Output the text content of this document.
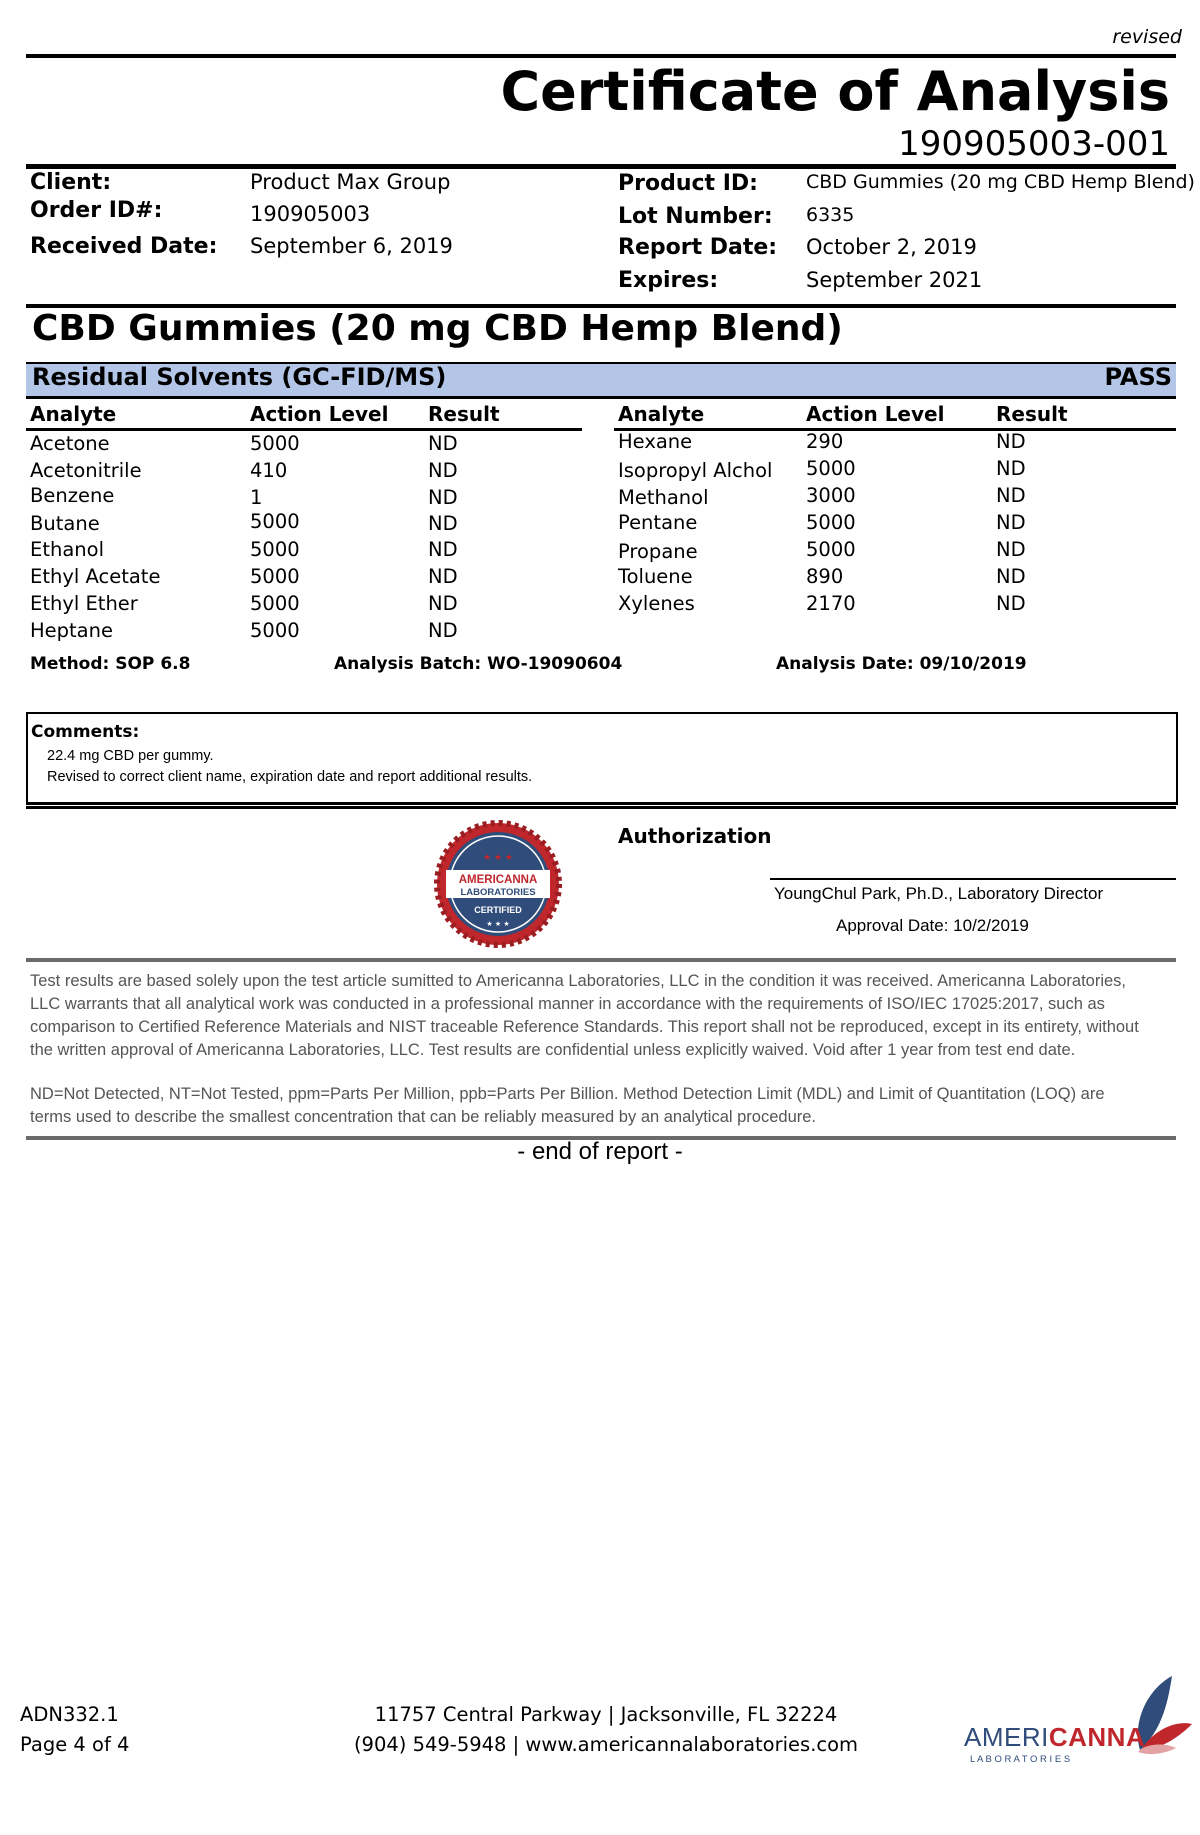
revised
Certificate of Analysis
190905003-001
Client:	Product Max Group
Order ID#:	190905003
Received Date: September 6, 2019
Product ID:	CBD Gummies (20 mg CBD Hemp Blend)
Lot Number: 6335
Report Date: October 2, 2019
Expires:	September 2021
CBD Gummies (20 mg CBD Hemp Blend)
Residual Solvents (GC-FID/MS)	PASS
Analyte	Action Level Result	Analyte	Action Level	Result
Acetone	5000	ND
Acetonitrile	410	ND
Benzene	1	ND
Butane	5000	ND
Ethanol	5000	ND
Ethyl Acetate	5000	ND
Ethyl Ether	5000	ND
Heptane	5000	ND
Hexane	290	ND
Isopropyl Alchol 5000	ND
Methanol	3000	ND
Pentane	5000	ND
Propane	5000	ND
Toluene	890	ND
Xylenes	2170	ND
Method: SOP 6.8	Analysis Batch: WO-19090604	Analysis Date: 09/10/2019
Comments:
22.4 mg CBD per gummy.
Revised to correct client name, expiration date and report additional results.
AMERICANNA
LABORATORIES
CERTIFIED
★ ★ ★
★ ★ ★
Authorization
YoungChul Park, Ph.D., Laboratory Director
Approval Date: 10/2/2019
Test results are based solely upon the test article sumitted to Americanna Laboratories, LLC in the condition it was received. Americanna Laboratories,
LLC warrants that all analytical work was conducted in a professional manner in accordance with the requirements of ISO/IEC 17025:2017, such as
comparison to Certified Reference Materials and NIST traceable Reference Standards. This report shall not be reproduced, except in its entirety, without
the written approval of Americanna Laboratories, LLC. Test results are confidential unless explicitly waived. Void after 1 year from test end date.
ND=Not Detected, NT=Not Tested, ppm=Parts Per Million, ppb=Parts Per Billion. Method Detection Limit (MDL) and Limit of Quantitation (LOQ) are
terms used to describe the smallest concentration that can be reliably measured by an analytical procedure.
- end of report -
ADN332.1
Page 4 of 4
11757 Central Parkway | Jacksonville, FL 32224
(904) 549-5948 | www.americannalaboratories.com	AMERICANNA
L A B O R A T O R I E S
